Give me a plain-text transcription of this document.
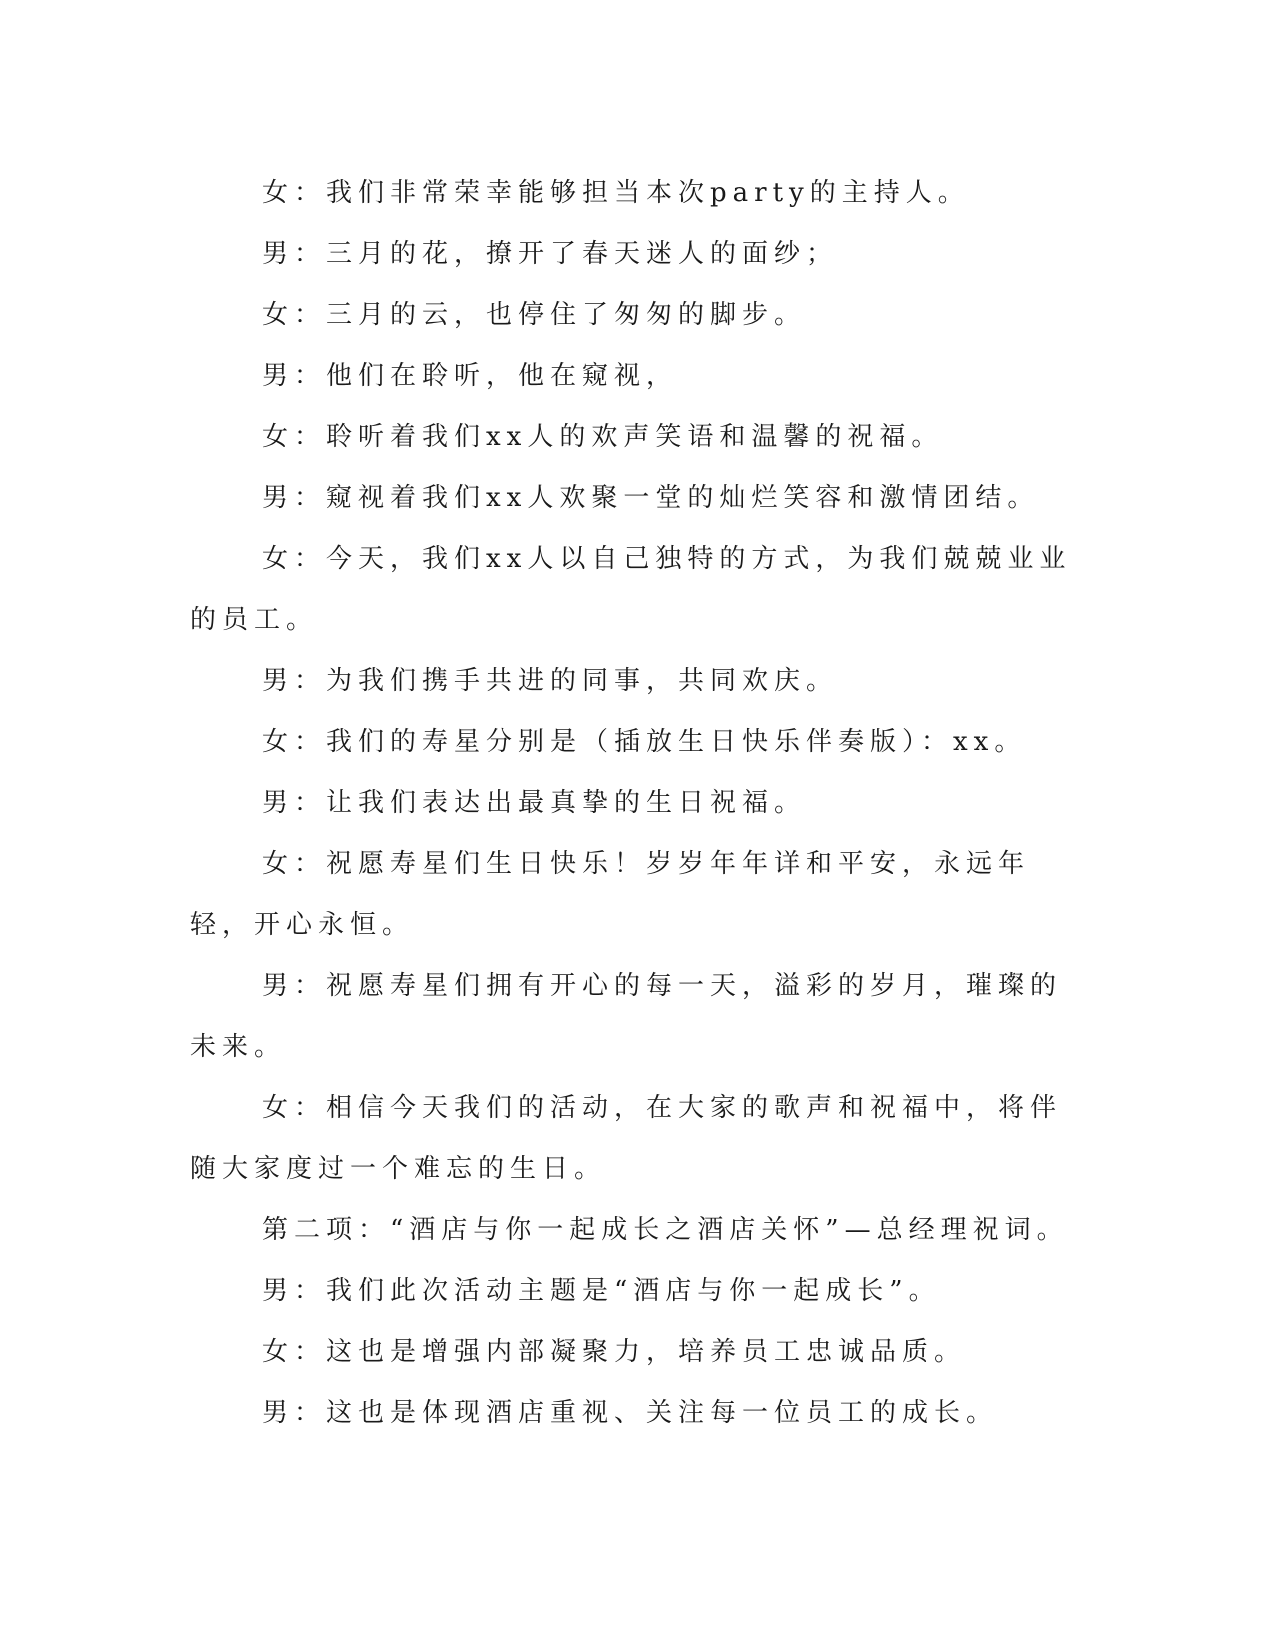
女：我们非常荣幸能够担当本次party的主持人。

男：三月的花，撩开了春天迷人的面纱；

女：三月的云，也停住了匆匆的脚步。

男：他们在聆听，他在窥视，

女：聆听着我们xx人的欢声笑语和温馨的祝福。

男：窥视着我们xx人欢聚一堂的灿烂笑容和激情团结。

女：今天，我们xx人以自己独特的方式，为我们兢兢业业的员工。

男：为我们携手共进的同事，共同欢庆。

女：我们的寿星分别是（插放生日快乐伴奏版）：xx。

男：让我们表达出最真挚的生日祝福。

女：祝愿寿星们生日快乐！岁岁年年详和平安，永远年轻，开心永恒。

男：祝愿寿星们拥有开心的每一天，溢彩的岁月，璀璨的未来。

女：相信今天我们的活动，在大家的歌声和祝福中，将伴随大家度过一个难忘的生日。

第二项：“酒店与你一起成长之酒店关怀”—总经理祝词。

男：我们此次活动主题是“酒店与你一起成长”。

女：这也是增强内部凝聚力，培养员工忠诚品质。

男：这也是体现酒店重视、关注每一位员工的成长。
